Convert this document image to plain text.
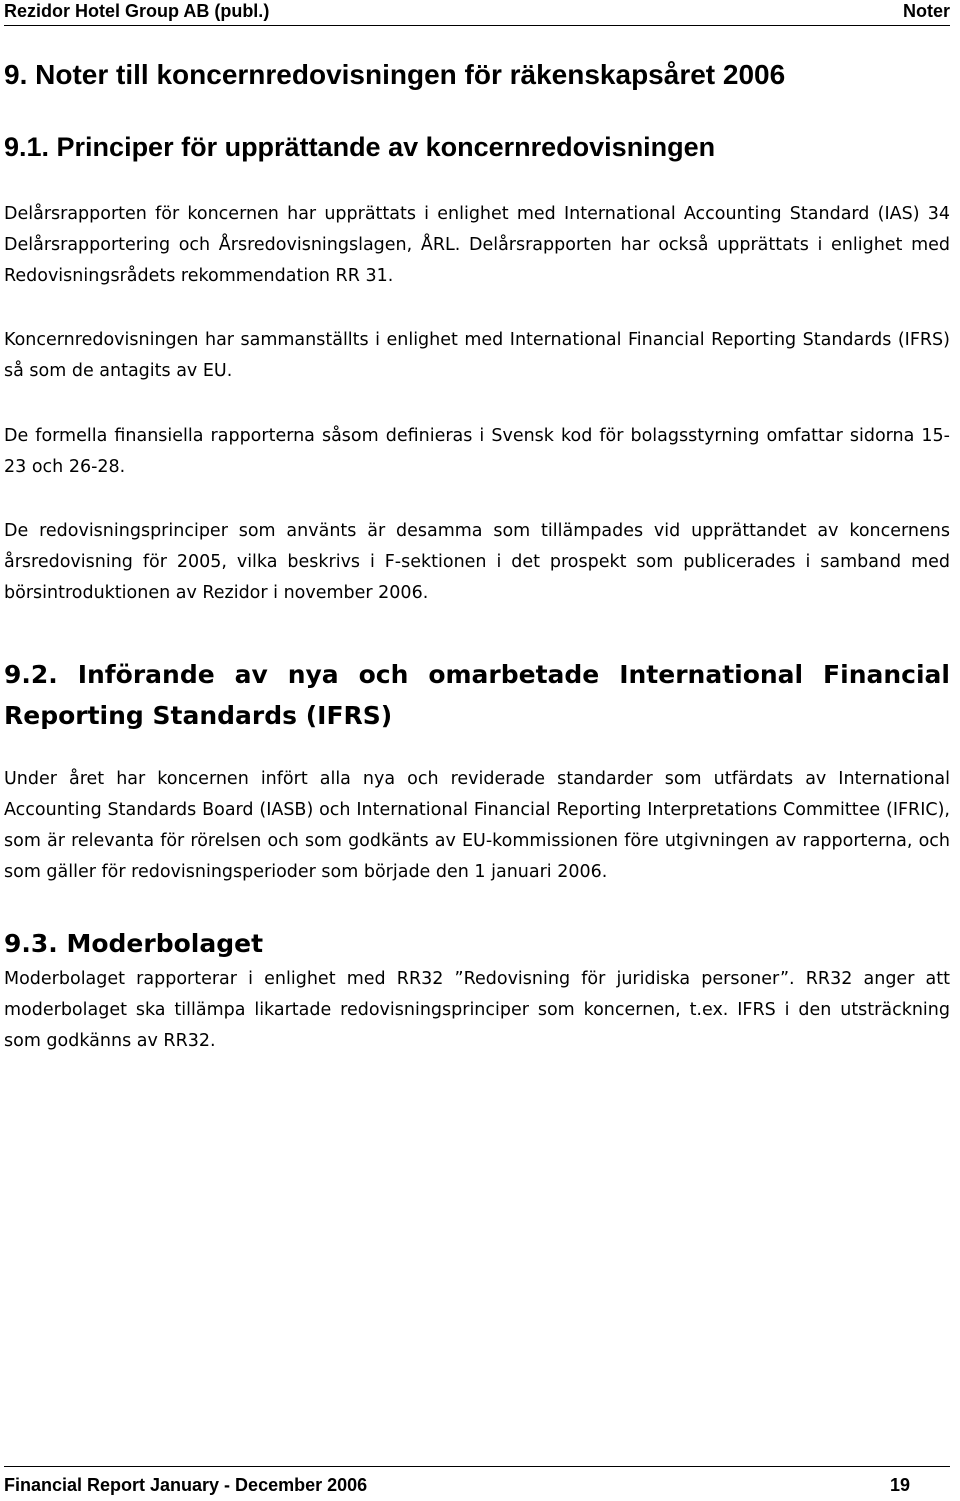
Rezidor Hotel Group AB (publ.)	Noter
9. Noter till koncernredovisningen för räkenskapsåret 2006
9.1. Principer för upprättande av koncernredovisningen

Delårsrapporten för koncernen har upprättats i enlighet med International Accounting Standard (IAS) 34 Delårsrapportering och Årsredovisningslagen, ÅRL. Delårsrapporten har också upprättats i enlighet med Redovisningsrådets rekommendation RR 31.

Koncernredovisningen har sammanställts i enlighet med International Financial Reporting Standards (IFRS) så som de antagits av EU.

De formella finansiella rapporterna såsom definieras i Svensk kod för bolagsstyrning omfattar sidorna 15-23 och 26-28.

De redovisningsprinciper som använts är desamma som tillämpades vid upprättandet av koncernens årsredovisning för 2005, vilka beskrivs i F-sektionen i det prospekt som publicerades i samband med börsintroduktionen av Rezidor i november 2006.

9.2. Införande av nya och omarbetade International Financial Reporting Standards (IFRS)

Under året har koncernen infört alla nya och reviderade standarder som utfärdats av International Accounting Standards Board (IASB) och International Financial Reporting Interpretations Committee (IFRIC), som är relevanta för rörelsen och som godkänts av EU-kommissionen före utgivningen av rapporterna, och som gäller för redovisningsperioder som började den 1 januari 2006.

9.3. Moderbolaget

Moderbolaget rapporterar i enlighet med RR32 ”Redovisning för juridiska personer”. RR32 anger att moderbolaget ska tillämpa likartade redovisningsprinciper som koncernen, t.ex. IFRS i den utsträckning som godkänns av RR32.

Financial Report January - December 2006	19
